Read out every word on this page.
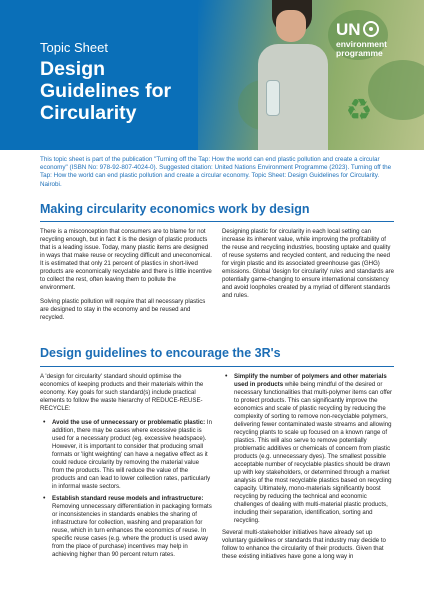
♻
Topic Sheet
Design Guidelines for Circularity
UN
environment
programme
This topic sheet is part of the publication "Turning off the Tap: How the world can end plastic pollution and create a circular economy" (ISBN No: 978-92-807-4024-0). Suggested citation: United Nations Environment Programme (2023). Turning off the Tap: How the world can end plastic pollution and create a circular economy. Topic Sheet: Design Guidelines for Circularity. Nairobi.
Making circularity economics work by design

There is a misconception that consumers are to blame for not recycling enough, but in fact it is the design of plastic products that is a leading issue. Today, many plastic items are designed in ways that make reuse or recycling difficult and uneconomical. It is estimated that only 21 percent of plastics in short-lived products are economically recyclable and there is little incentive to collect the rest, often leaving them to pollute the environment.

Solving plastic pollution will require that all necessary plastics are designed to stay in the economy and be reused and recycled.

Designing plastic for circularity in each local setting can increase its inherent value, while improving the profitability of the reuse and recycling industries, boosting uptake and quality of reuse systems and recycled content, and reducing the need for virgin plastic and its associated greenhouse gas (GHG) emissions. Global 'design for circularity' rules and standards are potentially game-changing to ensure international consistency and avoid loopholes created by a myriad of different standards and rules.

Design guidelines to encourage the 3R's

A 'design for circularity' standard should optimise the economics of keeping products and their materials within the economy. Key goals for such standard(s) include practical elements to follow the waste hierarchy of REDUCE-REUSE-RECYCLE:

• Avoid the use of unnecessary or problematic plastic: In addition, there may be cases where excessive plastic is used for a necessary product (eg. excessive headspace). However, it is important to consider that producing small formats or 'light weighting' can have a negative effect as it could reduce circularity by removing the material value from the products. This will reduce the value of the products and can lead to lower collection rates, particularly in informal waste sectors.
• Establish standard reuse models and infrastructure: Removing unnecessary differentiation in packaging formats or inconsistencies in standards enables the sharing of infrastructure for collection, washing and preparation for reuse, which in turn enhances the economics of reuse. In specific reuse cases (e.g. where the product is used away from the place of purchase) incentives may help in achieving higher than 90 percent return rates.
• Simplify the number of polymers and other materials used in products while being mindful of the desired or necessary functionalities that multi-polymer items can offer to protect products. This can significantly improve the economics and scale of plastic recycling by reducing the complexity of sorting to remove non-recyclable polymers, delivering fewer contaminated waste streams and allowing recycling plants to scale up focused on a known range of plastics. This will also serve to remove potentially problematic additives or chemicals of concern from plastic products (e.g. unnecessary dyes). The smallest possible acceptable number of recyclable plastics should be drawn up with key stakeholders, or determined through a market analysis of the most recyclable plastics based on recycling capacity. Ultimately, mono-materials significantly boost recycling by reducing the technical and economic challenges of dealing with multi-material plastic products, including their separation, identification, sorting and recycling.

Several multi-stakeholder initiatives have already set up voluntary guidelines or standards that industry may decide to follow to enhance the circularity of their products. Given that these existing initiatives have gone a long way in
